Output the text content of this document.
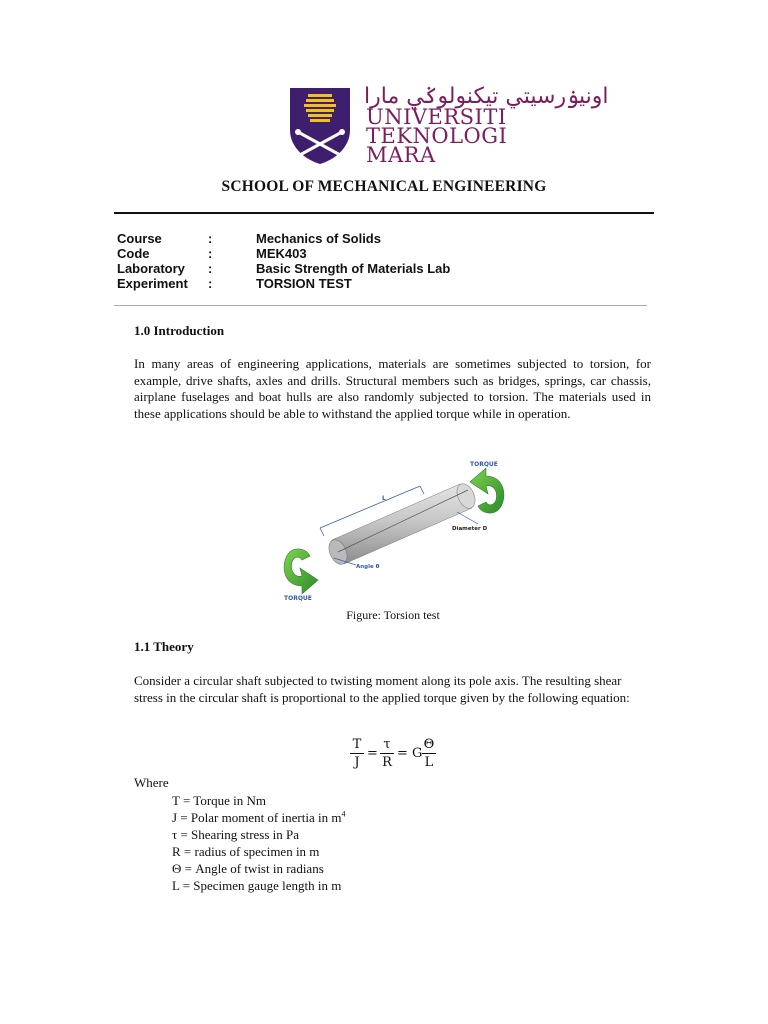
اونيۏرسيتي تيکنولوݢي مارا
UNIVERSITI
TEKNOLOGI
MARA
SCHOOL OF MECHANICAL ENGINEERING
Course	:	Mechanics of Solids
Code	:	MEK403
Laboratory :	Basic Strength of Materials Lab
Experiment :	TORSION TEST
1.0 Introduction
In many areas of engineering applications, materials are sometimes subjected to torsion, for example, drive shafts, axles and drills. Structural members such as bridges, springs, car chassis, airplane fuselages and boat hulls are also randomly subjected to torsion. The materials used in these applications should be able to withstand the applied torque while in operation.
TORQUE
TORQUE
L
Diameter D
Angle θ
Figure: Torsion test
1.1 Theory
Consider a circular shaft subjected to twisting moment along its pole axis. The resulting shear stress in the circular shaft is proportional to the applied torque given by the following equation:
T
J
=
τ
R
= G
Θ
L
Where
T = Torque in Nm
J = Polar moment of inertia in $m^4$
τ = Shearing stress in Pa
R = radius of specimen in m
Θ = Angle of twist in radians
L = Specimen gauge length in m
